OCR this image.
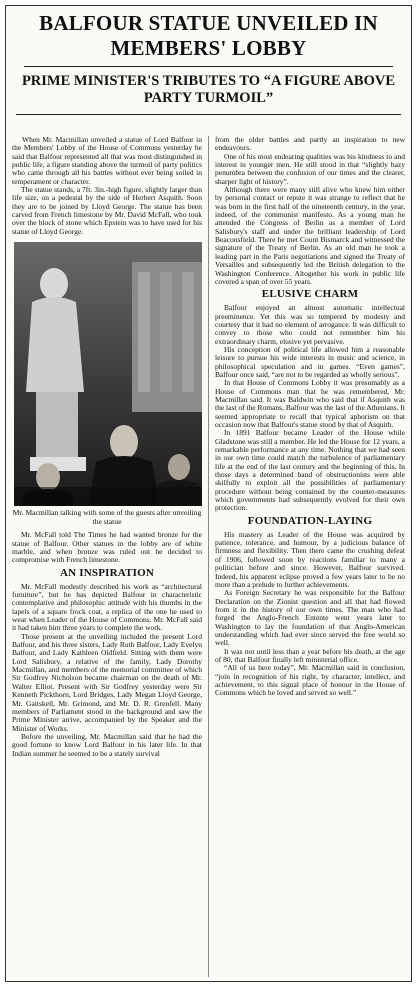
BALFOUR STATUE UNVEILED IN MEMBERS' LOBBY
PRIME MINISTER'S TRIBUTES TO “A FIGURE ABOVE PARTY TURMOIL”

When Mr. Macmillan unveiled a statue of Lord Balfour in the Members' Lobby of the House of Commons yesterday he said that Balfour represented all that was most distinguished in public life, a figure standing above the turmoil of party politics who came through all his battles without ever being soiled in temperament or character.

The statue stands, a 7ft. 3in.-high figure, slightly larger than life size, on a pedestal by the side of Herbert Asquith. Soon they are to be joined by Lloyd George. The statue has been carved from French limestone by Mr. David McFall, who took over the block of stone which Epstein was to have used for his statue of Lloyd George.

Mr. Macmillan talking with some of the guests after unveiling the statue

Mr. McFall told The Times he had wanted bronze for the statue of Balfour. Other statues in the lobby are of white marble, and when bronze was ruled out he decided to compromise with French limestone.

AN INSPIRATION

Mr. McFall modestly described his work as “architectural furniture”, but he has depicted Balfour in characteristic contemplative and philosophic attitude with his thumbs in the lapels of a square frock coat, a replica of the one he used to wear when Leader of the House of Commons. Mr. McFall said it had taken him three years to complete the work.

Those present at the unveiling included the present Lord Balfour, and his three sisters, Lady Ruth Balfour, Lady Evelyn Balfour, and Lady Kathleen Oldfield. Sitting with them were Lord Salisbury, a relative of the family, Lady Dorothy Macmillan, and members of the memorial committee of which Sir Godfrey Nicholson became chairman on the death of Mr. Walter Elliot. Present with Sir Godfrey yesterday were Sir Kenneth Pickthorn, Lord Bridges, Lady Megan Lloyd George, Mr. Gaitskell, Mr. Grimond, and Mr. D. R. Grenfell. Many members of Parliament stood in the background and saw the Prime Minister arrive, accompanied by the Speaker and the Minister of Works.

Before the unveiling, Mr. Macmillan said that he had the good fortune to know Lord Balfour in his later life. In that Indian summer he seemed to be a stately survival

from the older battles and partly an inspiration to new endeavours.

One of his most endearing qualities was his kindness to and interest in younger men. He still stood in that “slightly hazy penumbra between the confusion of our times and the clearer, sharper light of history”.

Although there were many still alive who knew him either by personal contact or repute it was strange to reflect that he was born in the first half of the nineteenth century, in the year, indeed, of the communist manifesto. As a young man he attended the Congress of Berlin as a member of Lord Salisbury's staff and under the brilliant leadership of Lord Beaconsfield. There he met Count Bismarck and witnessed the signature of the Treaty of Berlin. As an old man he took a leading part in the Paris negotiations and signed the Treaty of Versailles and subsequently led the British delegation to the Washington Conference. Altogether his work in public life covered a span of over 55 years.

ELUSIVE CHARM

Balfour enjoyed an almost automatic intellectual preeminence. Yet this was so tempered by modesty and courtesy that it had no element of arrogance. It was difficult to convey to those who could not remember him his extraordinary charm, elusive yet pervasive.

His conception of political life allowed him a reasonable leisure to pursue his wide interests in music and science, in philosophical speculation and in games. “Even games”, Balfour once said, “are not to be regarded as wholly serious”.

In that House of Commons Lobby it was presumably as a House of Commons man that he was remembered, Mr. Macmillan said. It was Baldwin who said that if Asquith was the last of the Romans, Balfour was the last of the Athenians. It seemed appropriate to recall that typical aphorism on that occasion now that Balfour's statue stood by that of Asquith.

In 1891 Balfour became Leader of the House while Gladstone was still a member. He led the House for 12 years, a remarkable performance at any time. Nothing that we had seen in our own time could match the turbulence of parliamentary life at the end of the last century and the beginning of this. In those days a determined band of obstructionists were able skilfully to exploit all the possibilities of parliamentary procedure without being contained by the counter-measures which governments had subsequently evolved for their own protection.

FOUNDATION-LAYING

His mastery as Leader of the House was acquired by patience, tolerance, and humour, by a judicious balance of firmness and flexibility. Then there came the crushing defeat of 1906, followed soon by reactions familiar to many a politician before and since. However, Balfour survived. Indeed, his apparent eclipse proved a few years later to be no more than a prelude to further achievements.

As Foreign Secretary he was responsible for the Balfour Declaration on the Zionist question and all that had flowed from it in the history of our own times. The man who had forged the Anglo-French Entente went years later to Washington to lay the foundation of that Anglo-American understanding which had ever since served the free world so well.

It was not until less than a year before his death, at the age of 80, that Balfour finally left ministerial office.

“All of us here today”, Mr. Macmillan said in conclusion, “join in recognition of his right, by character, intellect, and achievement, to this signal place of honour in the House of Commons which he loved and served so well.”
